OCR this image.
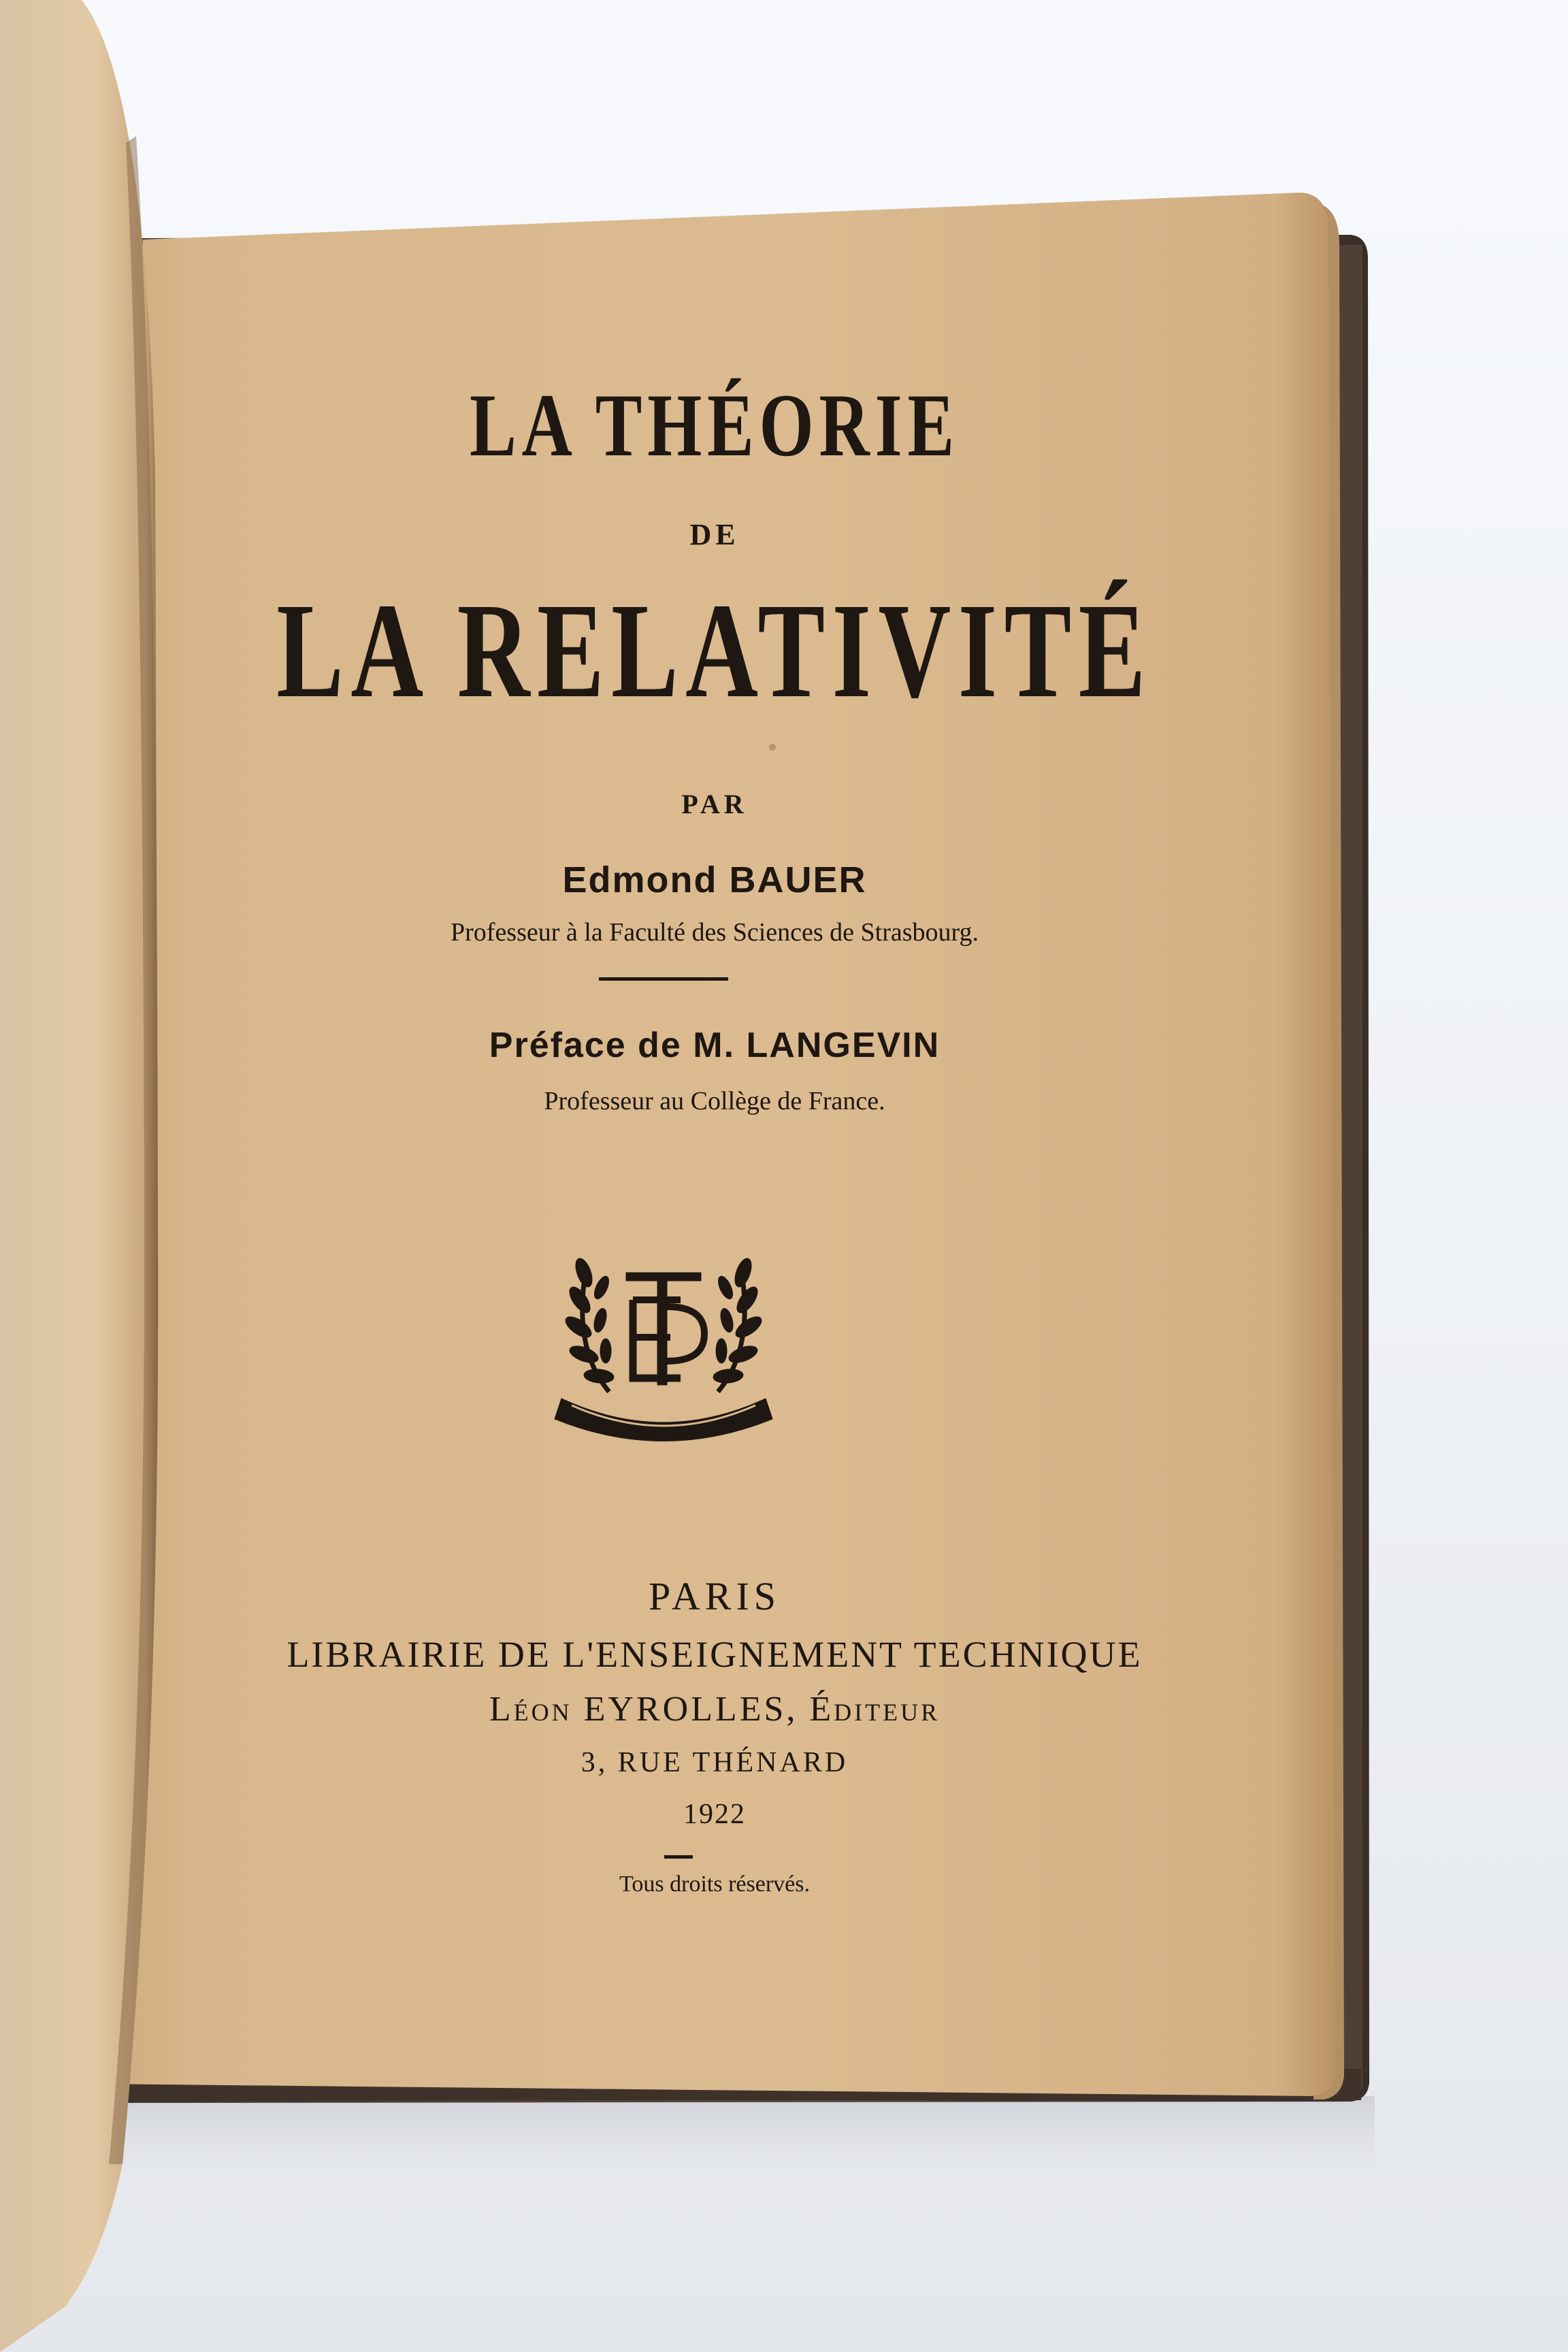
LA THÉORIE
DE
LA RELATIVITÉ
PAR
Edmond BAUER
Professeur à la Faculté des Sciences de Strasbourg.
Préface de M. LANGEVIN
Professeur au Collège de France.
PARIS
LIBRAIRIE DE L'ENSEIGNEMENT TECHNIQUE
Léon EYROLLES, Éditeur
3, RUE THÉNARD
1922
Tous droits réservés.
